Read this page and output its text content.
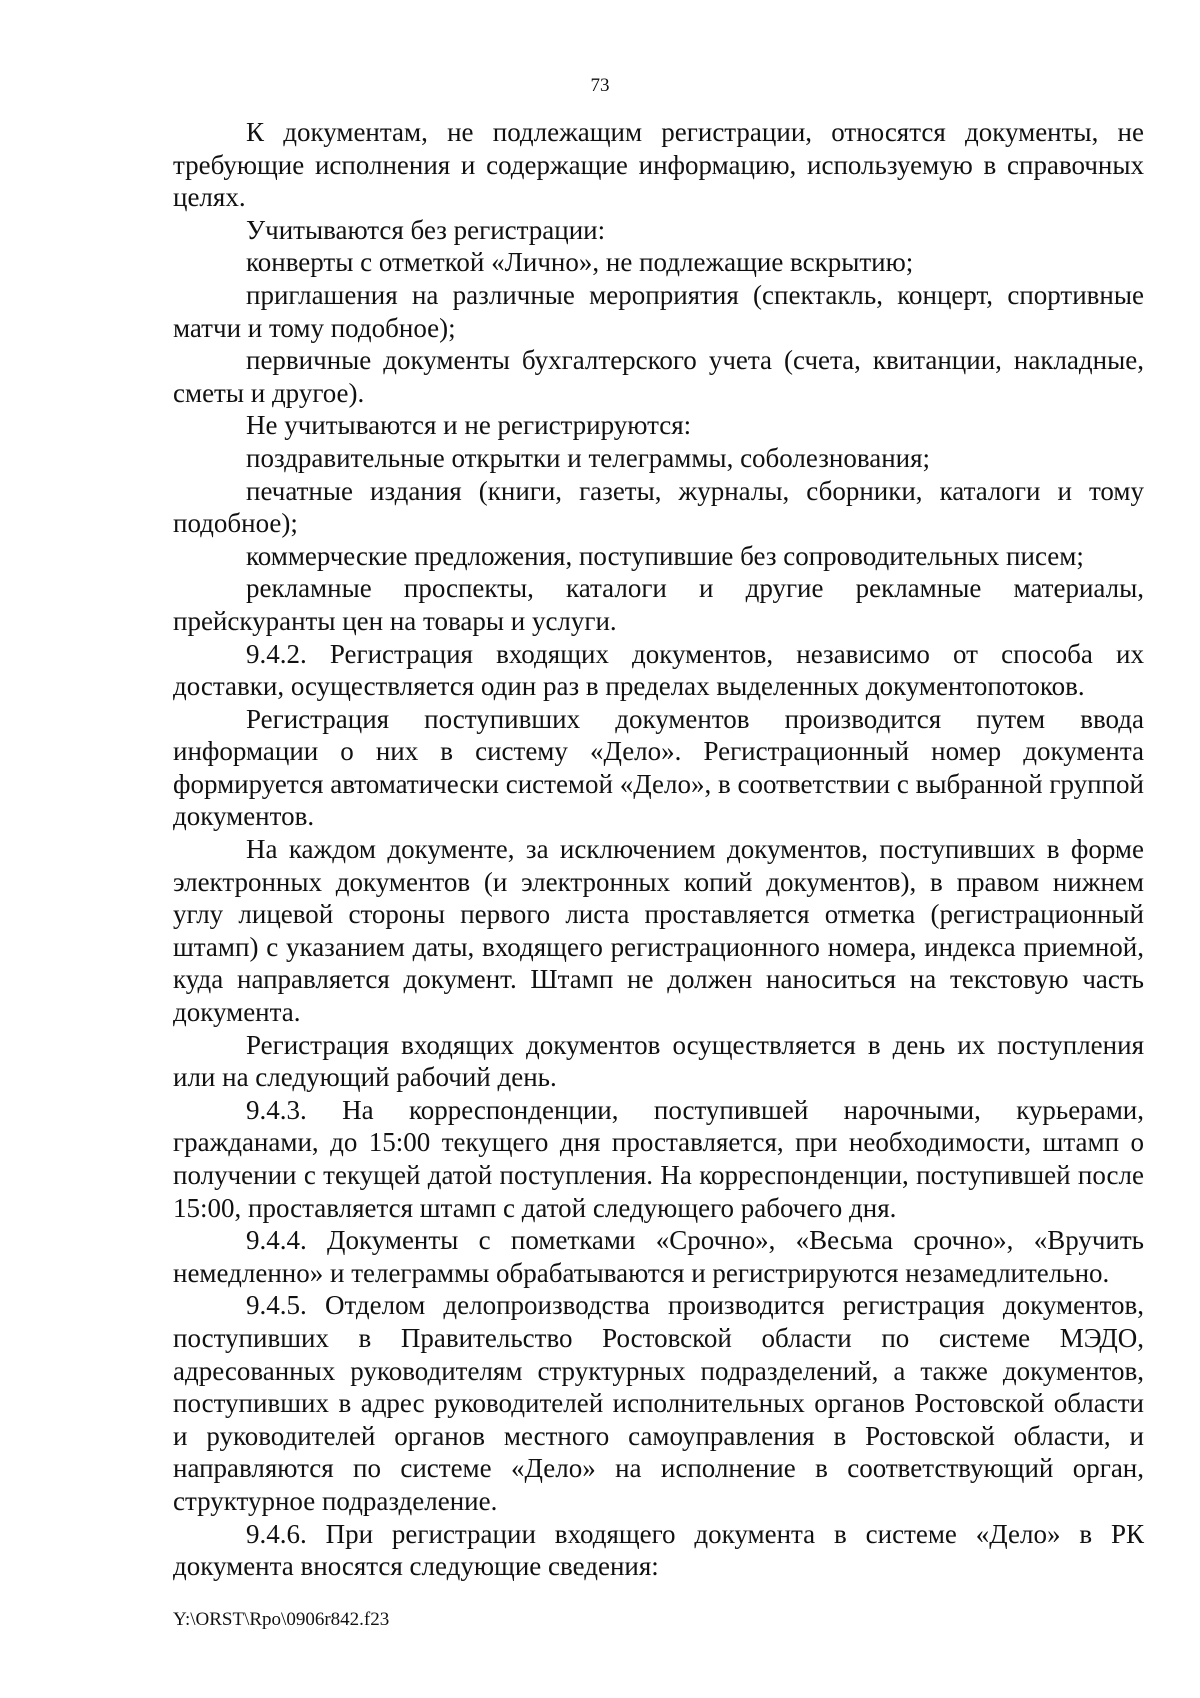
73

К документам, не подлежащим регистрации, относятся документы, не требующие исполнения и содержащие информацию, используемую в справочных целях.

Учитываются без регистрации:

конверты с отметкой «Лично», не подлежащие вскрытию;

приглашения на различные мероприятия (спектакль, концерт, спортивные матчи и тому подобное);

первичные документы бухгалтерского учета (счета, квитанции, накладные, сметы и другое).

Не учитываются и не регистрируются:

поздравительные открытки и телеграммы, соболезнования;

печатные издания (книги, газеты, журналы, сборники, каталоги и тому подобное);

коммерческие предложения, поступившие без сопроводительных писем;

рекламные проспекты, каталоги и другие рекламные материалы, прейскуранты цен на товары и услуги.

9.4.2. Регистрация входящих документов, независимо от способа их доставки, осуществляется один раз в пределах выделенных документопотоков.

Регистрация поступивших документов производится путем ввода информации о них в систему «Дело». Регистрационный номер документа формируется автоматически системой «Дело», в соответствии с выбранной группой документов.

На каждом документе, за исключением документов, поступивших в форме электронных документов (и электронных копий документов), в правом нижнем углу лицевой стороны первого листа проставляется отметка (регистрационный штамп) с указанием даты, входящего регистрационного номера, индекса приемной, куда направляется документ. Штамп не должен наноситься на текстовую часть документа.

Регистрация входящих документов осуществляется в день их поступления или на следующий рабочий день.

9.4.3. На корреспонденции, поступившей нарочными, курьерами, гражданами, до 15:00 текущего дня проставляется, при необходимости, штамп о получении с текущей датой поступления. На корреспонденции, поступившей после 15:00, проставляется штамп с датой следующего рабочего дня.

9.4.4. Документы с пометками «Срочно», «Весьма срочно», «Вручить немедленно» и телеграммы обрабатываются и регистрируются незамедлительно.

9.4.5. Отделом делопроизводства производится регистрация документов, поступивших в Правительство Ростовской области по системе МЭДО, адресованных руководителям структурных подразделений, а также документов, поступивших в адрес руководителей исполнительных органов Ростовской области и руководителей органов местного самоуправления в Ростовской области, и направляются по системе «Дело» на исполнение в соответствующий орган, структурное подразделение.

9.4.6. При регистрации входящего документа в системе «Дело» в РК документа вносятся следующие сведения:

Y:\ORST\Rpo\0906r842.f23
